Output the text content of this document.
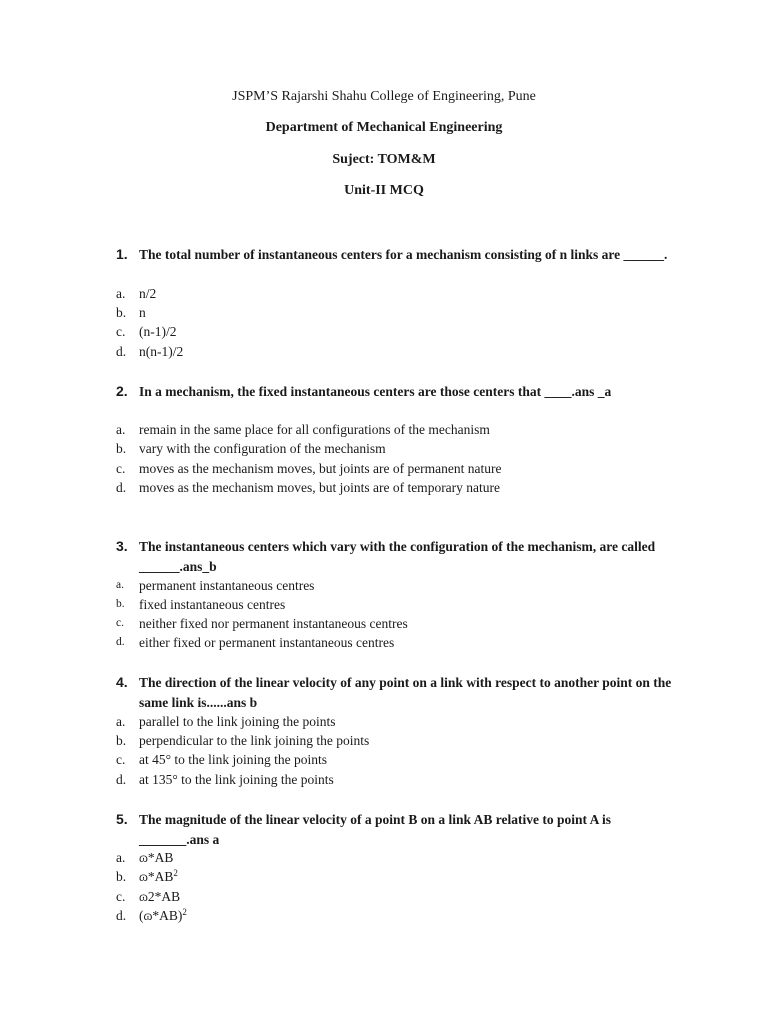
JSPM’S Rajarshi Shahu College of Engineering, Pune
Department of Mechanical Engineering
Suject: TOM&M
Unit-II MCQ
1. The total number of instantaneous centers for a mechanism consisting of n links are ______.
a. n/2
b. n
c. (n-1)/2
d. n(n-1)/2
2. In a mechanism, the fixed instantaneous centers are those centers that ____.ans _a
a. remain in the same place for all configurations of the mechanism
b. vary with the configuration of the mechanism
c. moves as the mechanism moves, but joints are of permanent nature
d. moves as the mechanism moves, but joints are of temporary nature
3. The instantaneous centers which vary with the configuration of the mechanism, are called ______.ans_b
a. permanent instantaneous centres
b. fixed instantaneous centres
c. neither fixed nor permanent instantaneous centres
d. either fixed or permanent instantaneous centres
4. The direction of the linear velocity of any point on a link with respect to another point on the same link is......ans b
a. parallel to the link joining the points
b. perpendicular to the link joining the points
c. at 45° to the link joining the points
d. at 135° to the link joining the points
5. The magnitude of the linear velocity of a point B on a link AB relative to point A is _______.ans a
a. ɷ*AB
b. $ɷ*AB^2$
c. ɷ2*AB
d. (ɷ*AB)$^2$
